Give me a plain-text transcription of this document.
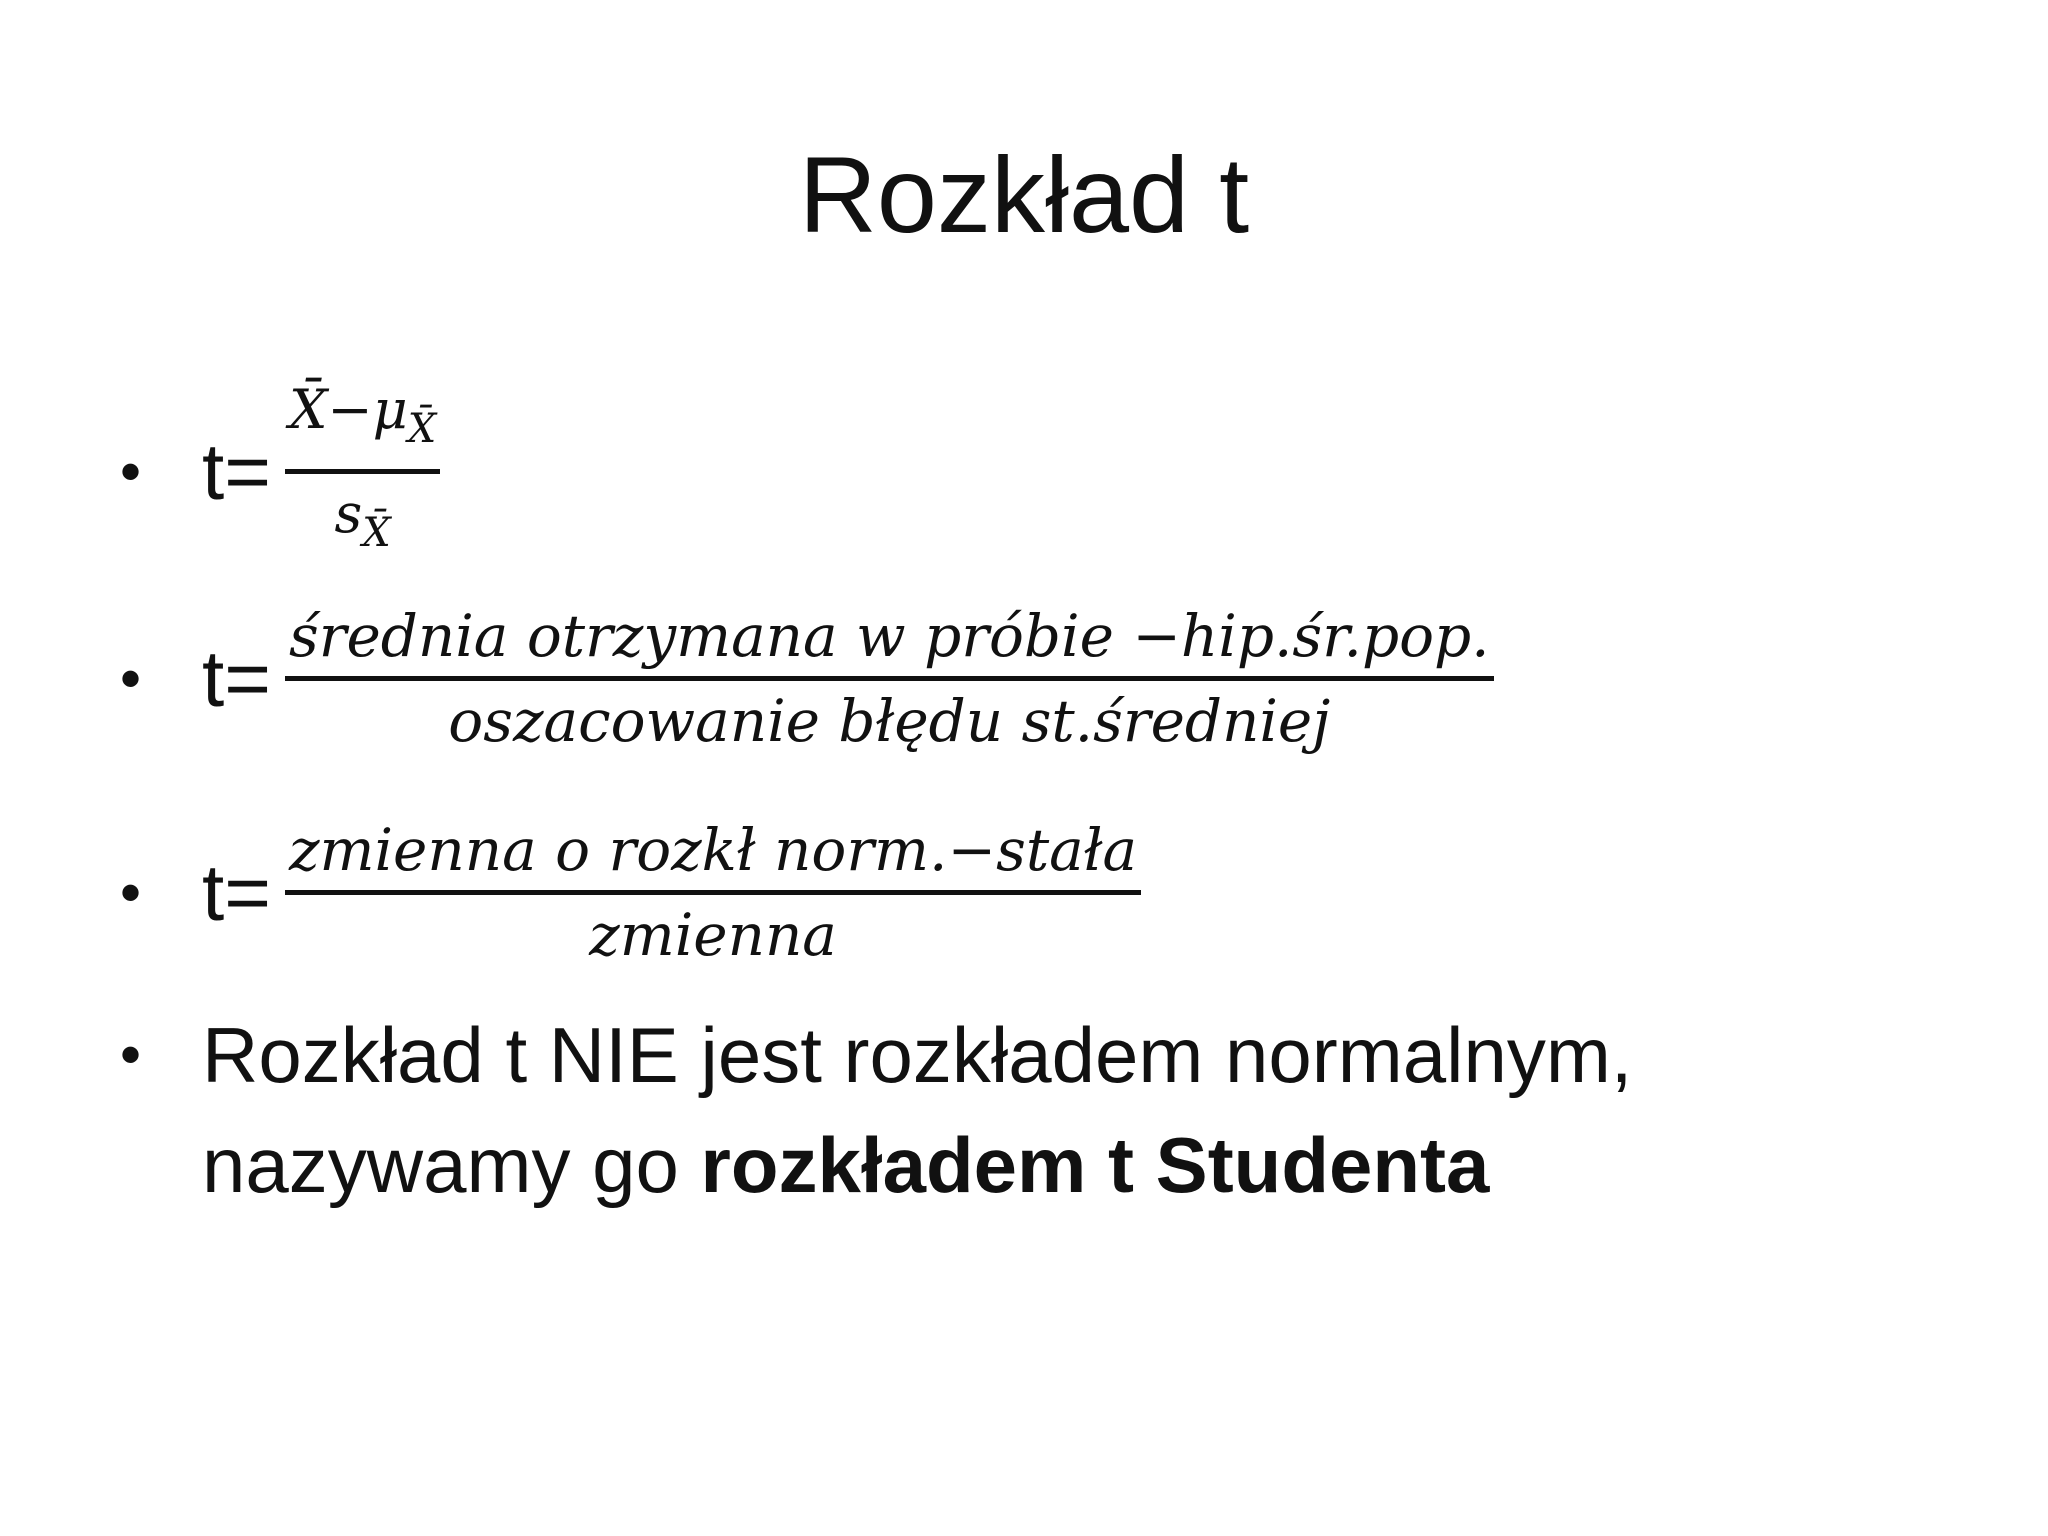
Rozkład t
• t=
$X̄-\mu_{X̄}$
$s_{X̄}$
• t= średnia otrzymana w próbie −hip.śr.pop.
oszacowanie błędu st.średniej
• t= zmienna o rozkł norm.−stała
zmienna
• Rozkład t NIE jest rozkładem normalnym,
nazywamy go rozkładem t Studenta
